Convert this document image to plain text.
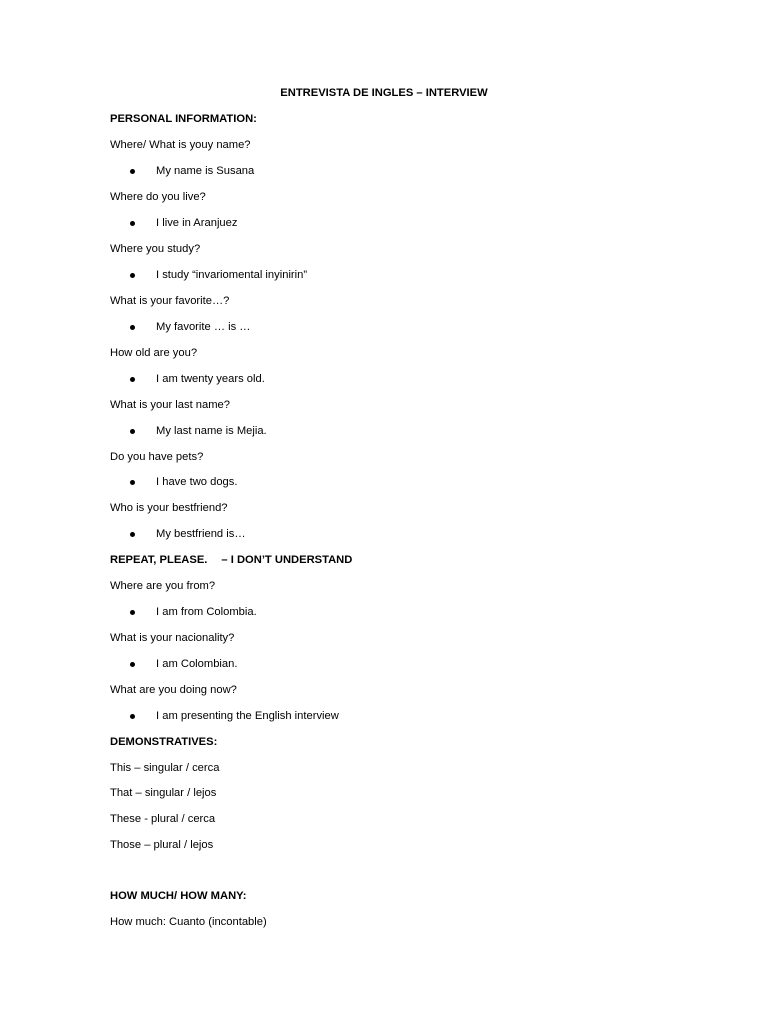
ENTREVISTA DE INGLES – INTERVIEW
PERSONAL INFORMATION:
Where/ What is youy name?
My name is Susana
Where do you live?
I live in Aranjuez
Where you study?
I study “invariomental inyinirin”
What is your favorite…?
My favorite … is …
How old are you?
I am twenty years old.
What is your last name?
My last name is Mejia.
Do you have pets?
I have two dogs.
Who is your bestfriend?
My bestfriend is…
REPEAT, PLEASE. – I DON’T UNDERSTAND
Where are you from?
I am from Colombia.
What is your nacionality?
I am Colombian.
What are you doing now?
I am presenting the English interview
DEMONSTRATIVES:
This – singular / cerca
That – singular / lejos
These - plural / cerca
Those – plural / lejos
HOW MUCH/ HOW MANY:
How much: Cuanto (incontable)
